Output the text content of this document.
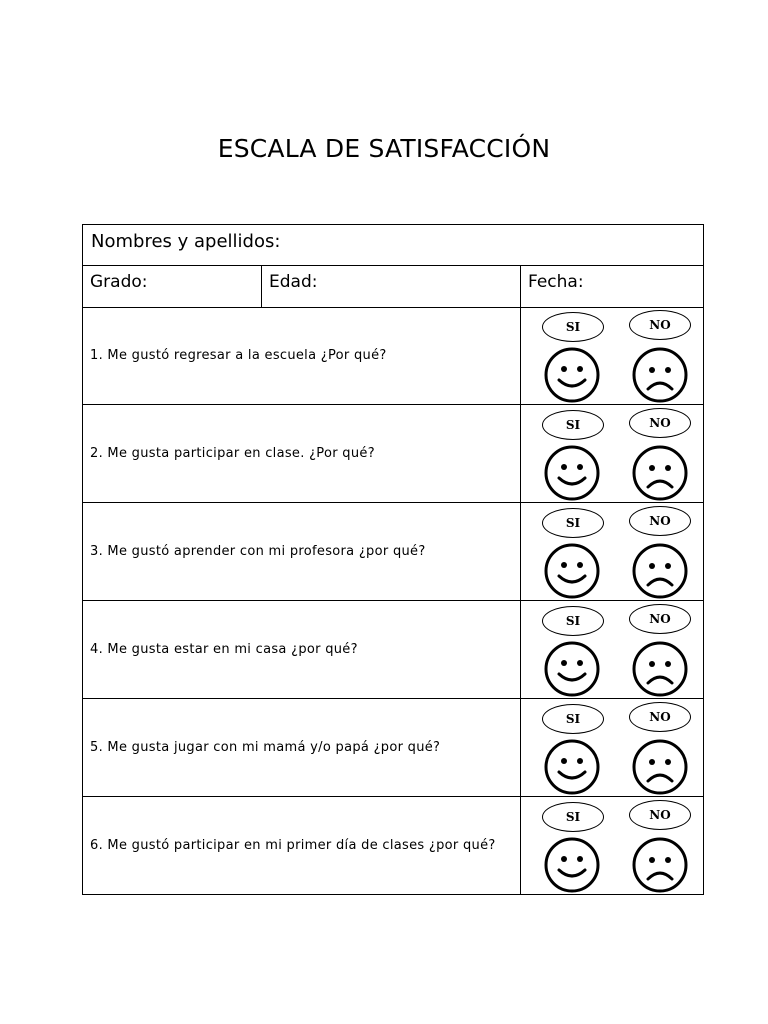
ESCALA DE SATISFACCIÓN
Nombres y apellidos:
Grado:	Edad:	Fecha:
1. Me gustó regresar a la escuela ¿Por qué?
SI	NO
2. Me gusta participar en clase. ¿Por qué?
SI	NO
3. Me gustó aprender con mi profesora ¿por qué?
SI	NO
4. Me gusta estar en mi casa ¿por qué?
SI	NO
5. Me gusta jugar con mi mamá y/o papá ¿por qué?
SI	NO
6. Me gustó participar en mi primer día de clases ¿por qué?
SI	NO
